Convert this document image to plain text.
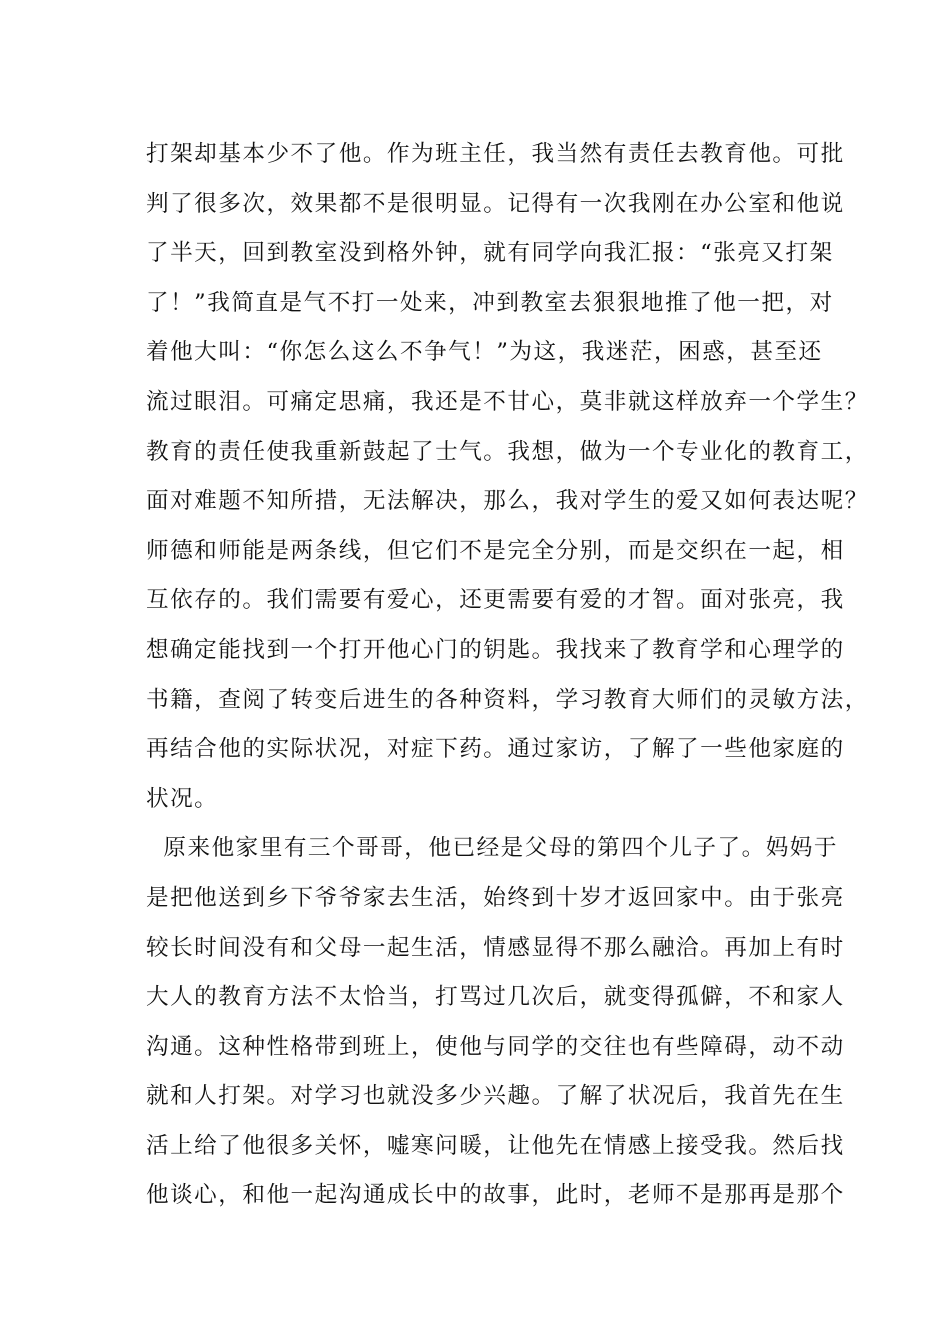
打架却基本少不了他。作为班主任，我当然有责任去教育他。可批
判了很多次，效果都不是很明显。记得有一次我刚在办公室和他说
了半天，回到教室没到格外钟，就有同学向我汇报：“张亮又打架
了！”我简直是气不打一处来，冲到教室去狠狠地推了他一把，对
着他大叫：“你怎么这么不争气！”为这，我迷茫，困惑，甚至还
流过眼泪。可痛定思痛，我还是不甘心，莫非就这样放弃一个学生？
教育的责任使我重新鼓起了士气。我想，做为一个专业化的教育工，
面对难题不知所措，无法解决，那么，我对学生的爱又如何表达呢？
师德和师能是两条线，但它们不是完全分别，而是交织在一起，相
互依存的。我们需要有爱心，还更需要有爱的才智。面对张亮，我
想确定能找到一个打开他心门的钥匙。我找来了教育学和心理学的
书籍，查阅了转变后进生的各种资料，学习教育大师们的灵敏方法，
再结合他的实际状况，对症下药。通过家访，了解了一些他家庭的
状况。
原来他家里有三个哥哥，他已经是父母的第四个儿子了。妈妈于
是把他送到乡下爷爷家去生活，始终到十岁才返回家中。由于张亮
较长时间没有和父母一起生活，情感显得不那么融洽。再加上有时
大人的教育方法不太恰当，打骂过几次后，就变得孤僻，不和家人
沟通。这种性格带到班上，使他与同学的交往也有些障碍，动不动
就和人打架。对学习也就没多少兴趣。了解了状况后，我首先在生
活上给了他很多关怀，嘘寒问暖，让他先在情感上接受我。然后找
他谈心，和他一起沟通成长中的故事，此时，老师不是那再是那个
